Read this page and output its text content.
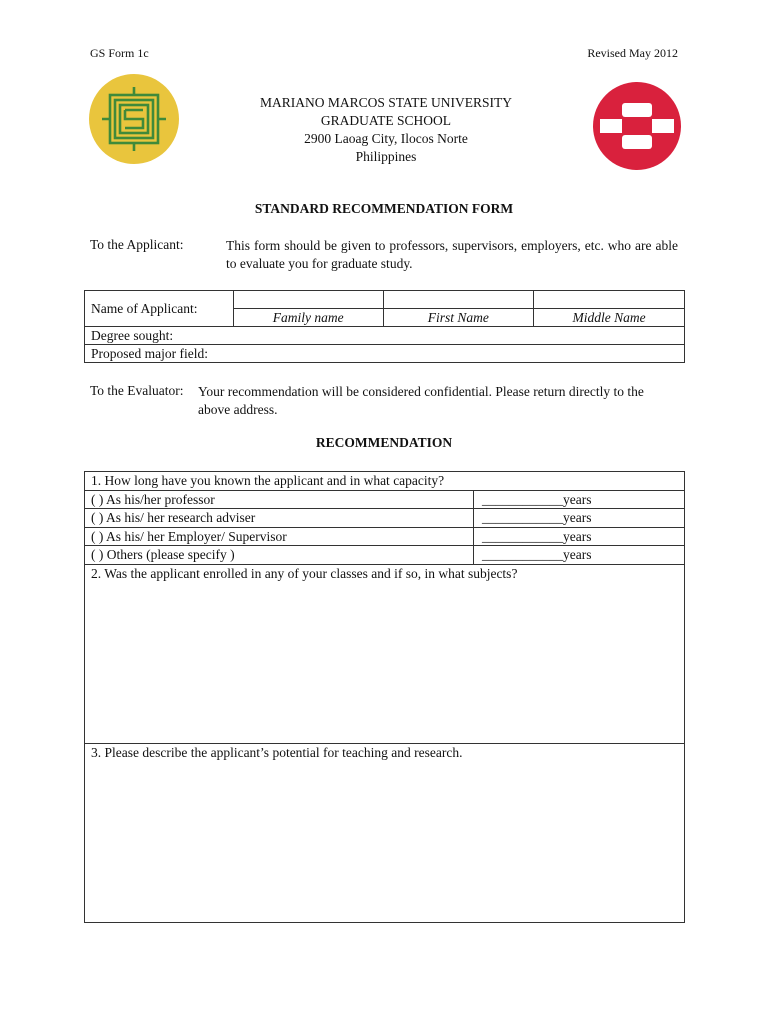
GS Form 1c	Revised May 2012
MARIANO MARCOS STATE UNIVERSITY
GRADUATE SCHOOL
2900 Laoag City, Ilocos Norte
Philippines
STANDARD RECOMMENDATION FORM
To the Applicant:	This form should be given to professors, supervisors, employers, etc. who are able to evaluate you for graduate study.
Name of Applicant:			
	Family name	First Name	Middle Name
Degree sought:			
Proposed major field:			
To the Evaluator: Your recommendation will be considered confidential. Please return directly to the above address.
RECOMMENDATION
1. How long have you known the applicant and in what capacity?	
( ) As his/her professor	____________years
( ) As his/ her research adviser	____________years
( ) As his/ her Employer/ Supervisor	____________years
( ) Others (please specify )	____________years
2. Was the applicant enrolled in any of your classes and if so, in what subjects?	
3. Please describe the applicant’s potential for teaching and research.	
